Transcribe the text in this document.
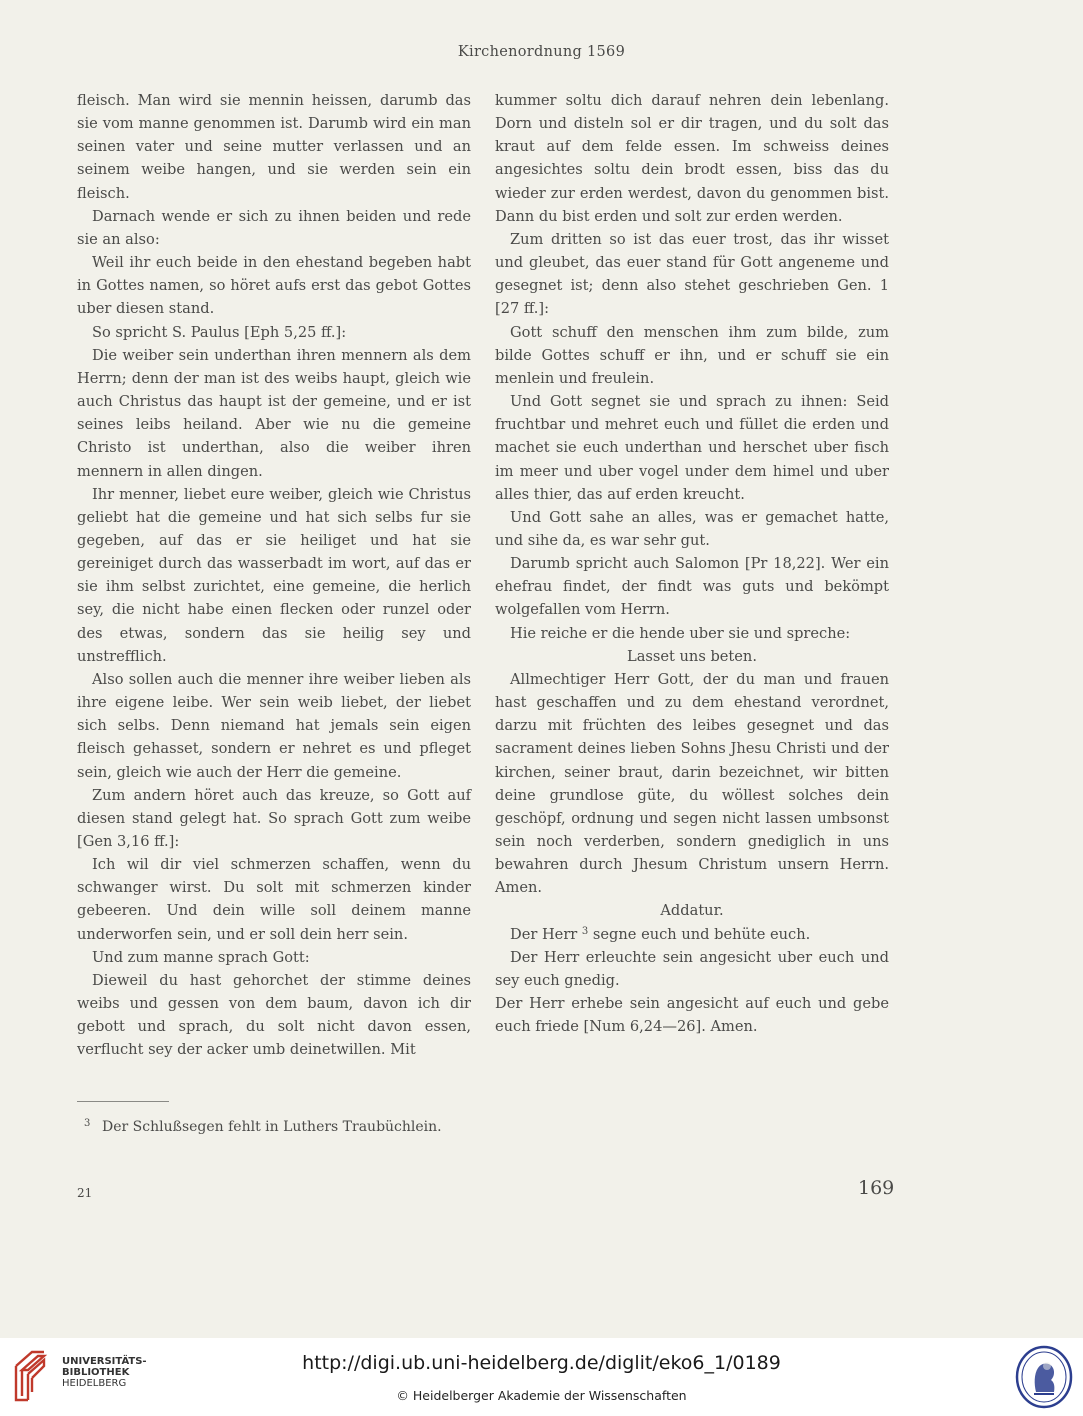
Kirchenordnung 1569

fleisch. Man wird sie mennin heissen, darumb das sie vom manne genommen ist. Darumb wird ein man seinen vater und seine mutter verlassen und an seinem weibe hangen, und sie werden sein ein fleisch.

Darnach wende er sich zu ihnen beiden und rede sie an also:

Weil ihr euch beide in den ehestand begeben habt in Gottes namen, so höret aufs erst das gebot Gottes uber diesen stand.

So spricht S. Paulus [Eph 5,25 ff.]:

Die weiber sein underthan ihren mennern als dem Herrn; denn der man ist des weibs haupt, gleich wie auch Christus das haupt ist der gemeine, und er ist seines leibs heiland. Aber wie nu die gemeine Christo ist underthan, also die weiber ihren mennern in allen dingen.

Ihr menner, liebet eure weiber, gleich wie Christus geliebt hat die gemeine und hat sich selbs fur sie gegeben, auf das er sie heiliget und hat sie gereiniget durch das wasserbadt im wort, auf das er sie ihm selbst zurichtet, eine gemeine, die herlich sey, die nicht habe einen flecken oder runzel oder des etwas, sondern das sie heilig sey und unstrefflich.

Also sollen auch die menner ihre weiber lieben als ihre eigene leibe. Wer sein weib liebet, der liebet sich selbs. Denn niemand hat jemals sein eigen fleisch gehasset, sondern er nehret es und pfleget sein, gleich wie auch der Herr die gemeine.

Zum andern höret auch das kreuze, so Gott auf diesen stand gelegt hat. So sprach Gott zum weibe [Gen 3,16 ff.]:

Ich wil dir viel schmerzen schaffen, wenn du schwanger wirst. Du solt mit schmerzen kinder gebeeren. Und dein wille soll deinem manne underworfen sein, und er soll dein herr sein.

Und zum manne sprach Gott:

Dieweil du hast gehorchet der stimme deines weibs und gessen von dem baum, davon ich dir gebott und sprach, du solt nicht davon essen, verflucht sey der acker umb deinetwillen. Mit

kummer soltu dich darauf nehren dein lebenlang. Dorn und disteln sol er dir tragen, und du solt das kraut auf dem felde essen. Im schweiss deines angesichtes soltu dein brodt essen, biss das du wieder zur erden werdest, davon du genommen bist. Dann du bist erden und solt zur erden werden.

Zum dritten so ist das euer trost, das ihr wisset und gleubet, das euer stand für Gott angeneme und gesegnet ist; denn also stehet geschrieben Gen. 1 [27 ff.]:

Gott schuff den menschen ihm zum bilde, zum bilde Gottes schuff er ihn, und er schuff sie ein menlein und freulein.

Und Gott segnet sie und sprach zu ihnen: Seid fruchtbar und mehret euch und füllet die erden und machet sie euch underthan und herschet uber fisch im meer und uber vogel under dem himel und uber alles thier, das auf erden kreucht.

Und Gott sahe an alles, was er gemachet hatte, und sihe da, es war sehr gut.

Darumb spricht auch Salomon [Pr 18,22]. Wer ein ehefrau findet, der findt was guts und bekömpt wolgefallen vom Herrn.

Hie reiche er die hende uber sie und spreche:

Lasset uns beten.

Allmechtiger Herr Gott, der du man und frauen hast geschaffen und zu dem ehestand verordnet, darzu mit früchten des leibes gesegnet und das sacrament deines lieben Sohns Jhesu Christi und der kirchen, seiner braut, darin bezeichnet, wir bitten deine grundlose güte, du wöllest solches dein geschöpf, ordnung und segen nicht lassen umbsonst sein noch verderben, sondern gnediglich in uns bewahren durch Jhesum Christum unsern Herrn. Amen.

Addatur.

Der Herr $^3$ segne euch und behüte euch.

Der Herr erleuchte sein angesicht uber euch und sey euch gnedig.

Der Herr erhebe sein angesicht auf euch und gebe euch friede [Num 6,24—26]. Amen.

3 Der Schlußsegen fehlt in Luthers Traubüchlein.
21	169
UNIVERSITÄTS-
BIBLIOTHEK
HEIDELBERG
http://digi.ub.uni-heidelberg.de/diglit/eko6_1/0189
© Heidelberger Akademie der Wissenschaften
